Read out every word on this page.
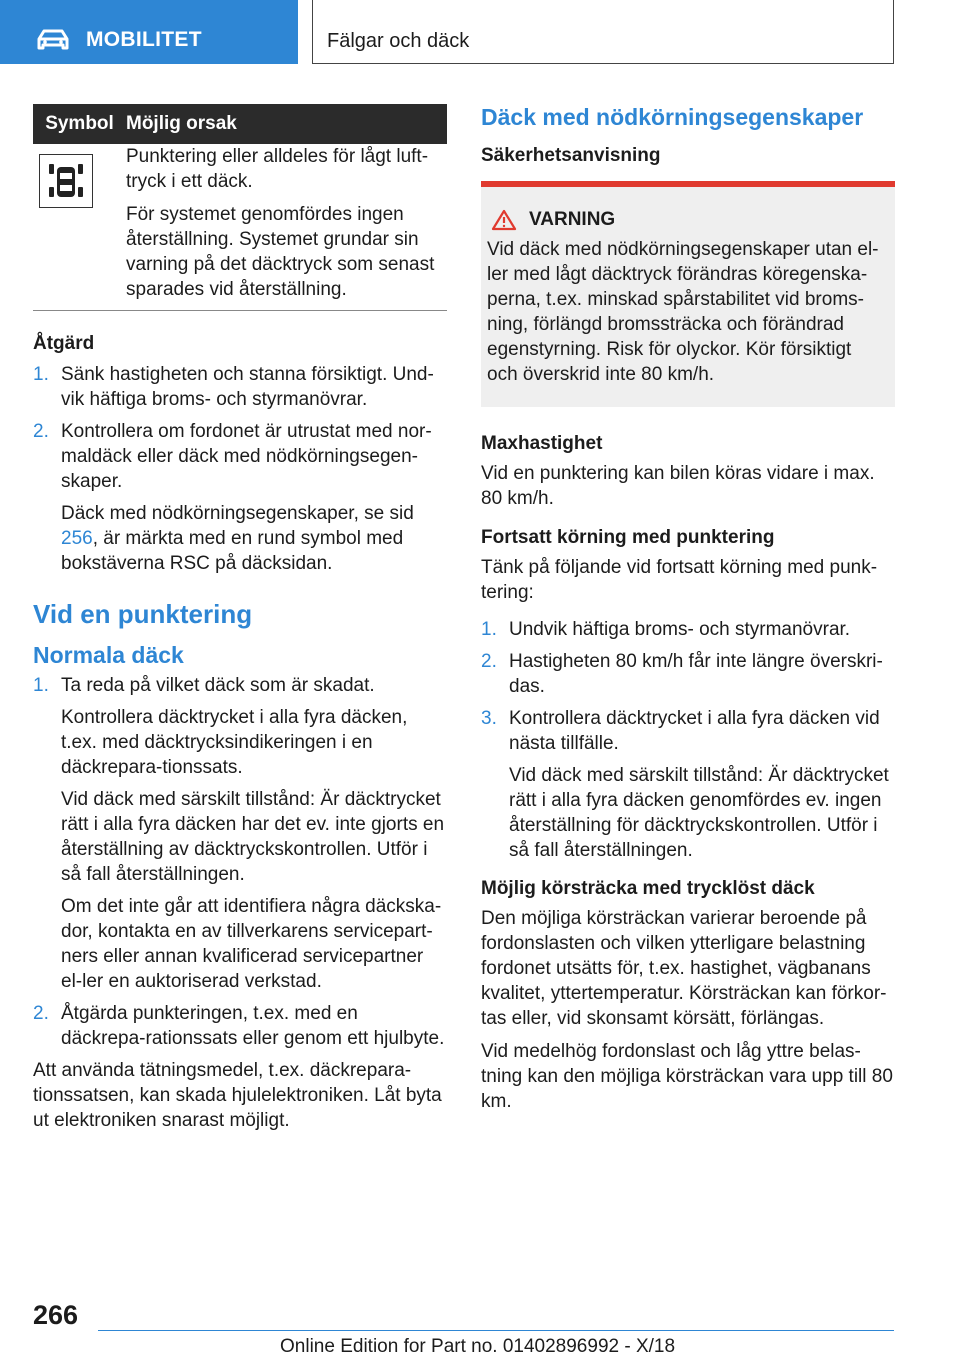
MOBILITET	Fälgar och däck
Symbol	Möjlig orsak

Punktering eller alldeles för lågt luft-tryck i ett däck.

För systemet genomfördes ingen återställning. Systemet grundar sin varning på det däcktryck som senast sparades vid återställning.

Åtgärd

1. Sänk hastigheten och stanna försiktigt. Und-vik häftiga broms- och styrmanövrar.

2. Kontrollera om fordonet är utrustat med nor-maldäck eller däck med nödkörningsegen-skaper.

Däck med nödkörningsegenskaper, se sid 256, är märkta med en rund symbol med bokstäverna RSC på däcksidan.

Vid en punktering

Normala däck

1. Ta reda på vilket däck som är skadat.

Kontrollera däcktrycket i alla fyra däcken, t.ex. med däcktrycksindikeringen i en däckrepara-tionssats.

Vid däck med särskilt tillstånd: Är däcktrycket rätt i alla fyra däcken har det ev. inte gjorts en återställning av däcktryckskontrollen. Utför i så fall återställningen.

Om det inte går att identifiera några däckska-dor, kontakta en av tillverkarens servicepart-ners eller annan kvalificerad servicepartner el-ler en auktoriserad verkstad.

2. Åtgärda punkteringen, t.ex. med en däckrepa-rationssats eller genom ett hjulbyte.

Att använda tätningsmedel, t.ex. däckrepara-tionssatsen, kan skada hjulelektroniken. Låt byta ut elektroniken snarast möjligt.

Däck med nödkörningsegenskaper

Säkerhetsanvisning

VARNING
Vid däck med nödkörningsegenskaper utan el-ler med lågt däcktryck förändras köregenska-perna, t.ex. minskad spårstabilitet vid broms-ning, förlängd bromssträcka och förändrad egenstyrning. Risk för olyckor. Kör försiktigt och överskrid inte 80 km/h.

Maxhastighet

Vid en punktering kan bilen köras vidare i max. 80 km/h.

Fortsatt körning med punktering

Tänk på följande vid fortsatt körning med punk-tering:

1. Undvik häftiga broms- och styrmanövrar.

2. Hastigheten 80 km/h får inte längre överskri-das.

3. Kontrollera däcktrycket i alla fyra däcken vid nästa tillfälle.

Vid däck med särskilt tillstånd: Är däcktrycket rätt i alla fyra däcken genomfördes ev. ingen återställning för däcktryckskontrollen. Utför i så fall återställningen.

Möjlig körsträcka med trycklöst däck

Den möjliga körsträckan varierar beroende på fordonslasten och vilken ytterligare belastning fordonet utsätts för, t.ex. hastighet, vägbanans kvalitet, yttertemperatur. Körsträckan kan förkor-tas eller, vid skonsamt körsätt, förlängas.

Vid medelhög fordonslast och låg yttre belas-tning kan den möjliga körsträckan vara upp till 80 km.

266
Online Edition for Part no. 01402896992 - X/18
